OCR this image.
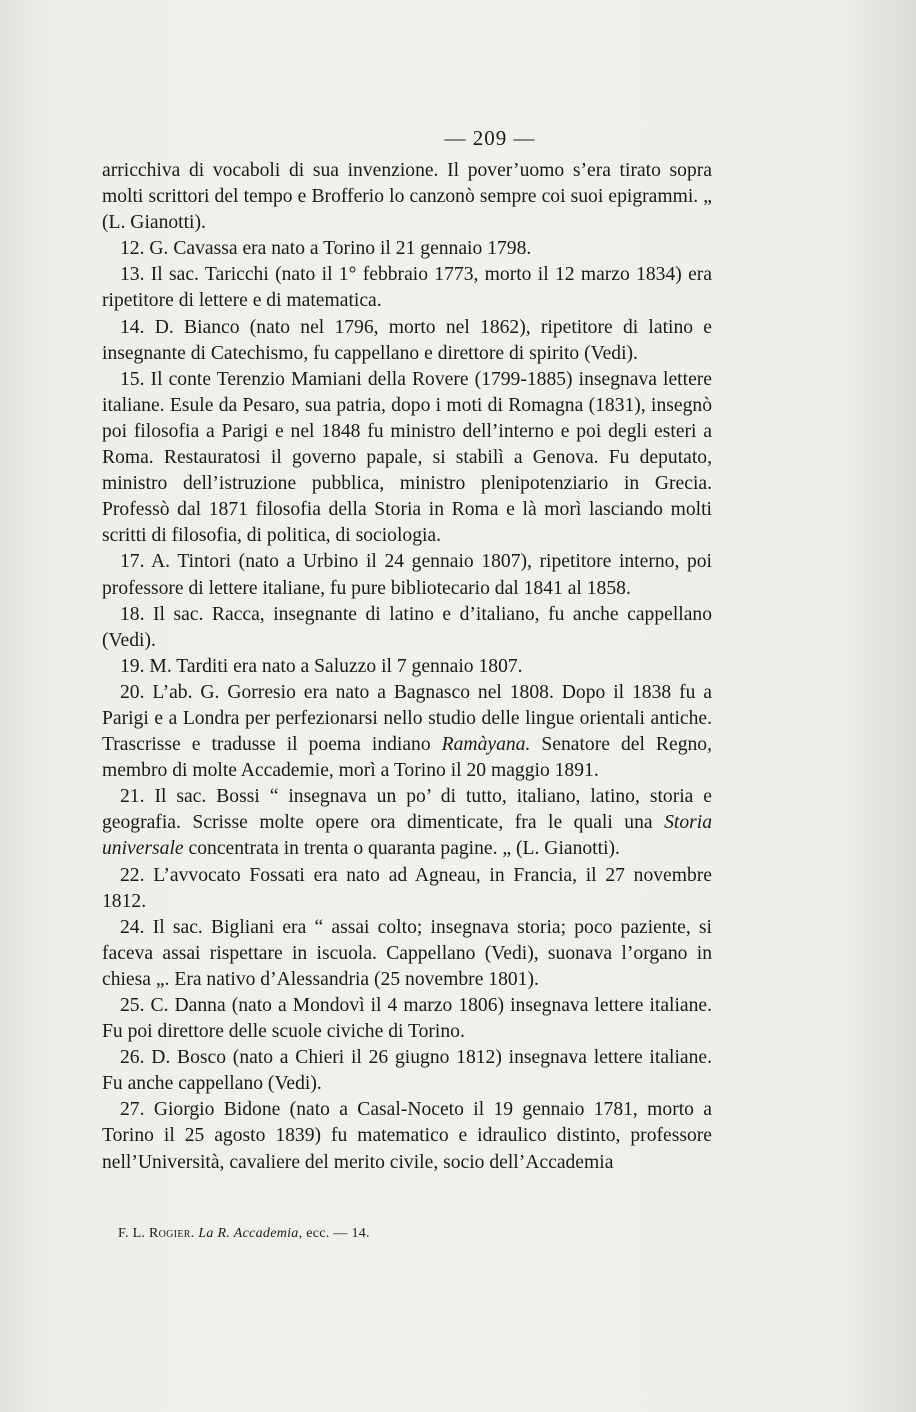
— 209 —

arricchiva di vocaboli di sua invenzione. Il pover’uomo s’era tirato sopra molti scrittori del tempo e Brofferio lo canzonò sempre coi suoi epigrammi. „ (L. Gianotti).

12. G. Cavassa era nato a Torino il 21 gennaio 1798.

13. Il sac. Taricchi (nato il 1° febbraio 1773, morto il 12 marzo 1834) era ripetitore di lettere e di matematica.

14. D. Bianco (nato nel 1796, morto nel 1862), ripetitore di latino e insegnante di Catechismo, fu cappellano e direttore di spirito (Vedi).

15. Il conte Terenzio Mamiani della Rovere (1799-1885) insegnava lettere italiane. Esule da Pesaro, sua patria, dopo i moti di Romagna (1831), insegnò poi filosofia a Parigi e nel 1848 fu ministro dell’interno e poi degli esteri a Roma. Restauratosi il governo papale, si stabilì a Genova. Fu deputato, ministro dell’istruzione pubblica, ministro plenipotenziario in Grecia. Professò dal 1871 filosofia della Storia in Roma e là morì lasciando molti scritti di filosofia, di politica, di sociologia.

17. A. Tintori (nato a Urbino il 24 gennaio 1807), ripetitore interno, poi professore di lettere italiane, fu pure bibliotecario dal 1841 al 1858.

18. Il sac. Racca, insegnante di latino e d’italiano, fu anche cappellano (Vedi).

19. M. Tarditi era nato a Saluzzo il 7 gennaio 1807.

20. L’ab. G. Gorresio era nato a Bagnasco nel 1808. Dopo il 1838 fu a Parigi e a Londra per perfezionarsi nello studio delle lingue orientali antiche. Trascrisse e tradusse il poema indiano Ramàyana. Senatore del Regno, membro di molte Accademie, morì a Torino il 20 maggio 1891.

21. Il sac. Bossi “ insegnava un po’ di tutto, italiano, latino, storia e geografia. Scrisse molte opere ora dimenticate, fra le quali una Storia universale concentrata in trenta o quaranta pagine. „ (L. Gianotti).

22. L’avvocato Fossati era nato ad Agneau, in Francia, il 27 novembre 1812.

24. Il sac. Bigliani era “ assai colto; insegnava storia; poco paziente, si faceva assai rispettare in iscuola. Cappellano (Vedi), suonava l’organo in chiesa „. Era nativo d’Alessandria (25 novembre 1801).

25. C. Danna (nato a Mondovì il 4 marzo 1806) insegnava lettere italiane. Fu poi direttore delle scuole civiche di Torino.

26. D. Bosco (nato a Chieri il 26 giugno 1812) insegnava lettere italiane. Fu anche cappellano (Vedi).

27. Giorgio Bidone (nato a Casal-Noceto il 19 gennaio 1781, morto a Torino il 25 agosto 1839) fu matematico e idraulico distinto, professore nell’Università, cavaliere del merito civile, socio dell’Accademia

F. L. Rogier. La R. Accademia, ecc. — 14.
